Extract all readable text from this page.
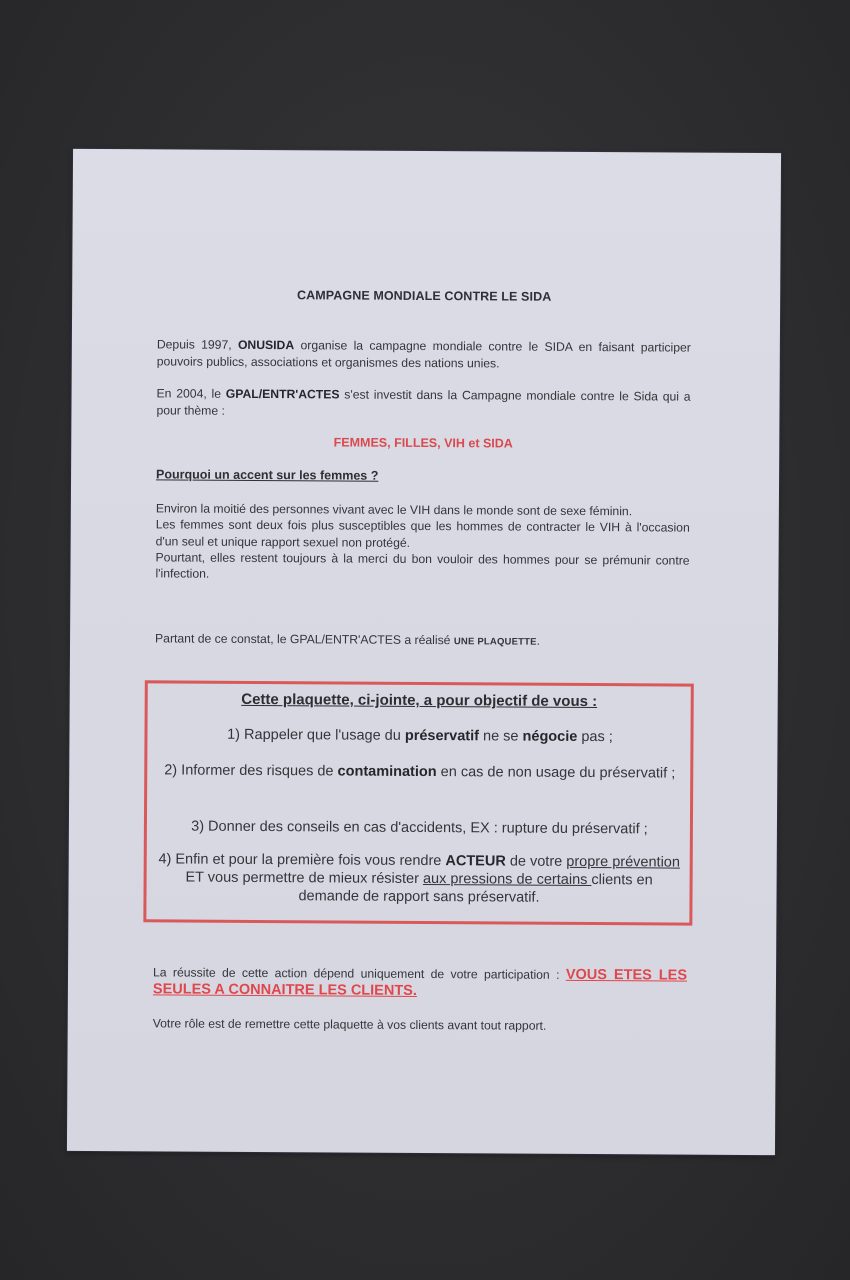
CAMPAGNE MONDIALE CONTRE LE SIDA
Depuis 1997, ONUSIDA organise la campagne mondiale contre le SIDA en faisant participer pouvoirs publics, associations et organismes des nations unies.
En 2004, le GPAL/ENTR'ACTES s'est investit dans la Campagne mondiale contre le Sida qui a pour thème :
FEMMES, FILLES, VIH et SIDA
Pourquoi un accent sur les femmes ?
Environ la moitié des personnes vivant avec le VIH dans le monde sont de sexe féminin.
Les femmes sont deux fois plus susceptibles que les hommes de contracter le VIH à l'occasion d'un seul et unique rapport sexuel non protégé.
Pourtant, elles restent toujours à la merci du bon vouloir des hommes pour se prémunir contre l'infection.
Partant de ce constat, le GPAL/ENTR'ACTES a réalisé UNE PLAQUETTE.
Cette plaquette, ci-jointe, a pour objectif de vous :
1) Rappeler que l'usage du préservatif ne se négocie pas ;
2) Informer des risques de contamination en cas de non usage du préservatif ;
3) Donner des conseils en cas d'accidents, EX : rupture du préservatif ;
4) Enfin et pour la première fois vous rendre ACTEUR de votre propre prévention ET vous permettre de mieux résister aux pressions de certains clients en demande de rapport sans préservatif.
La réussite de cette action dépend uniquement de votre participation : VOUS ETES LES SEULES A CONNAITRE LES CLIENTS.
Votre rôle est de remettre cette plaquette à vos clients avant tout rapport.
